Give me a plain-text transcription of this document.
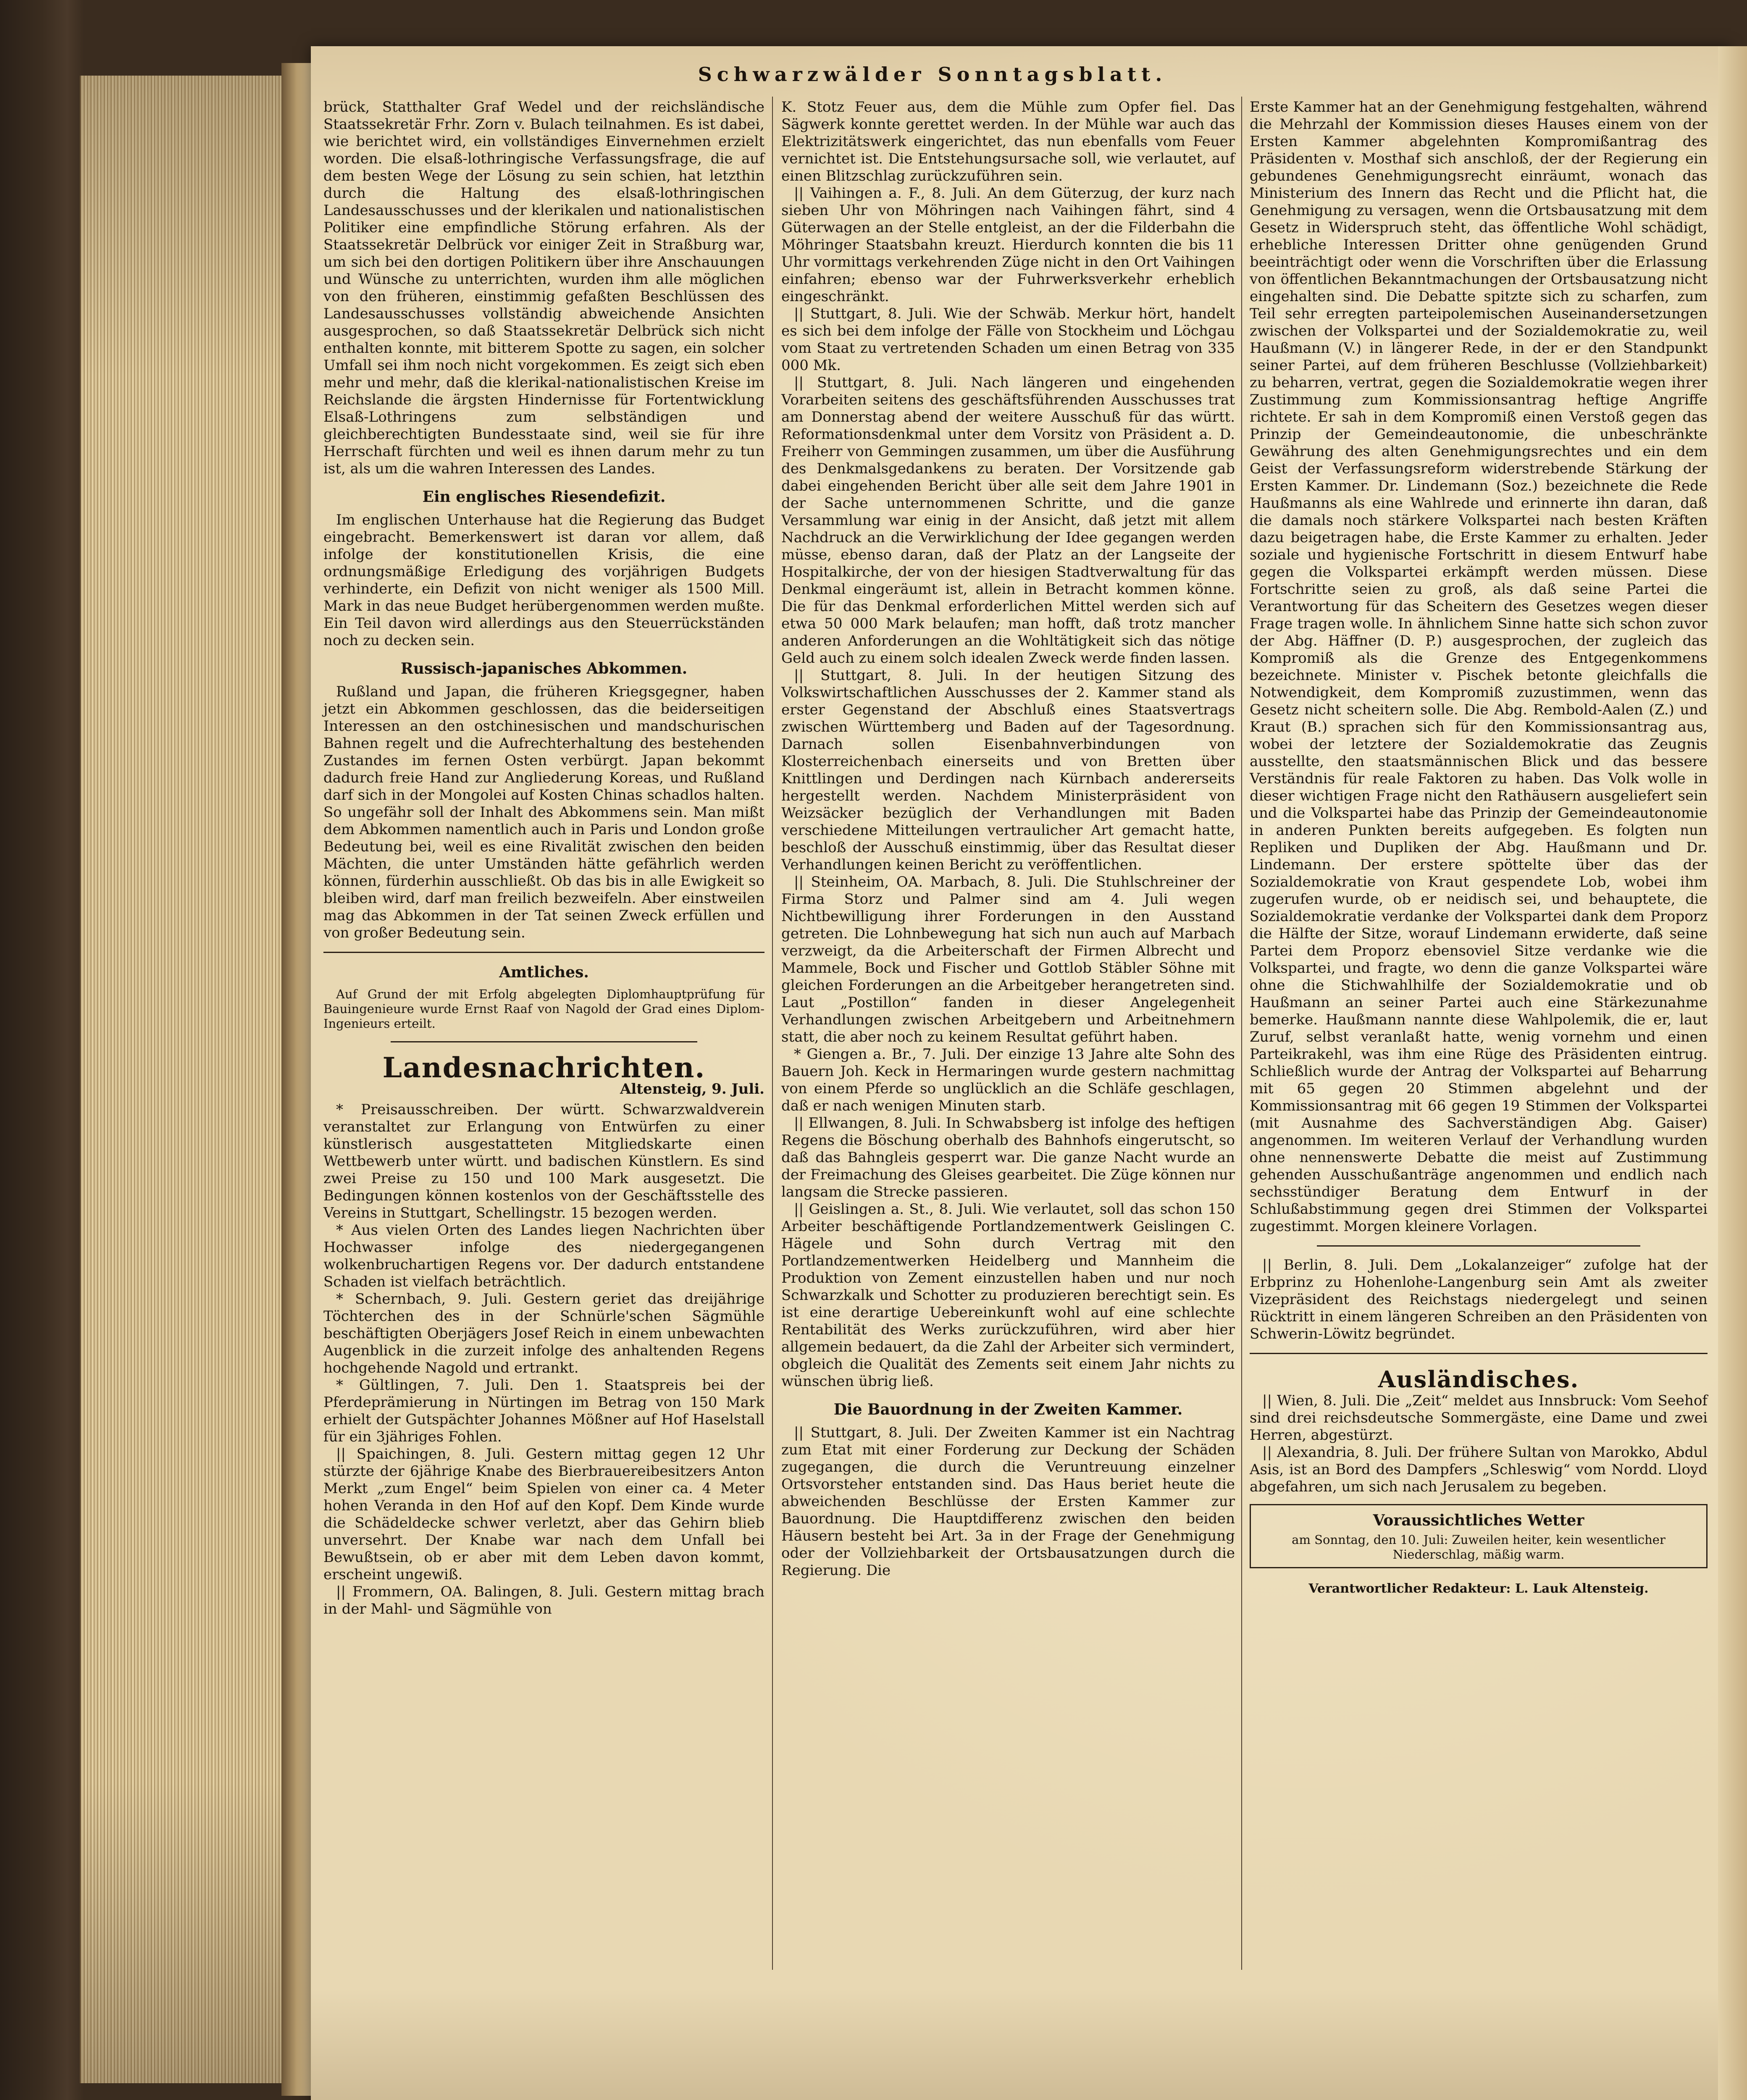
Schwarzwälder Sonntagsblatt.

brück, Statthalter Graf Wedel und der reichsländische Staatssekretär Frhr. Zorn v. Bulach teilnahmen. Es ist dabei, wie berichtet wird, ein vollständiges Einvernehmen erzielt worden. Die elsaß-lothringische Verfassungsfrage, die auf dem besten Wege der Lösung zu sein schien, hat letzthin durch die Haltung des elsaß-lothringischen Landesausschusses und der klerikalen und nationalistischen Politiker eine empfindliche Störung erfahren. Als der Staatssekretär Delbrück vor einiger Zeit in Straßburg war, um sich bei den dortigen Politikern über ihre Anschauungen und Wünsche zu unterrichten, wurden ihm alle möglichen von den früheren, einstimmig gefaßten Beschlüssen des Landesausschusses vollständig abweichende Ansichten ausgesprochen, so daß Staatssekretär Delbrück sich nicht enthalten konnte, mit bitterem Spotte zu sagen, ein solcher Umfall sei ihm noch nicht vorgekommen. Es zeigt sich eben mehr und mehr, daß die klerikal-nationalistischen Kreise im Reichslande die ärgsten Hindernisse für Fortentwicklung Elsaß-Lothringens zum selbständigen und gleichberechtigten Bundesstaate sind, weil sie für ihre Herrschaft fürchten und weil es ihnen darum mehr zu tun ist, als um die wahren Interessen des Landes.

Ein englisches Riesendefizit.

Im englischen Unterhause hat die Regierung das Budget eingebracht. Bemerkenswert ist daran vor allem, daß infolge der konstitutionellen Krisis, die eine ordnungsmäßige Erledigung des vorjährigen Budgets verhinderte, ein Defizit von nicht weniger als 1500 Mill. Mark in das neue Budget herübergenommen werden mußte. Ein Teil davon wird allerdings aus den Steuerrückständen noch zu decken sein.

Russisch-japanisches Abkommen.

Rußland und Japan, die früheren Kriegsgegner, haben jetzt ein Abkommen geschlossen, das die beiderseitigen Interessen an den ostchinesischen und mandschurischen Bahnen regelt und die Aufrechterhaltung des bestehenden Zustandes im fernen Osten verbürgt. Japan bekommt dadurch freie Hand zur Angliederung Koreas, und Rußland darf sich in der Mongolei auf Kosten Chinas schadlos halten. So ungefähr soll der Inhalt des Abkommens sein. Man mißt dem Abkommen namentlich auch in Paris und London große Bedeutung bei, weil es eine Rivalität zwischen den beiden Mächten, die unter Umständen hätte gefährlich werden können, fürderhin ausschließt. Ob das bis in alle Ewigkeit so bleiben wird, darf man freilich bezweifeln. Aber einstweilen mag das Abkommen in der Tat seinen Zweck erfüllen und von großer Bedeutung sein.

Amtliches.

Auf Grund der mit Erfolg abgelegten Diplomhauptprüfung für Bauingenieure wurde Ernst Raaf von Nagold der Grad eines Diplom-Ingenieurs erteilt.

Landesnachrichten.
Altensteig, 9. Juli.

* Preisausschreiben. Der württ. Schwarzwaldverein veranstaltet zur Erlangung von Entwürfen zu einer künstlerisch ausgestatteten Mitgliedskarte einen Wettbewerb unter württ. und badischen Künstlern. Es sind zwei Preise zu 150 und 100 Mark ausgesetzt. Die Bedingungen können kostenlos von der Geschäftsstelle des Vereins in Stuttgart, Schellingstr. 15 bezogen werden.

* Aus vielen Orten des Landes liegen Nachrichten über Hochwasser infolge des niedergegangenen wolkenbruchartigen Regens vor. Der dadurch entstandene Schaden ist vielfach beträchtlich.

* Schernbach, 9. Juli. Gestern geriet das dreijährige Töchterchen des in der Schnürle'schen Sägmühle beschäftigten Oberjägers Josef Reich in einem unbewachten Augenblick in die zurzeit infolge des anhaltenden Regens hochgehende Nagold und ertrankt.

* Gültlingen, 7. Juli. Den 1. Staatspreis bei der Pferdeprämierung in Nürtingen im Betrag von 150 Mark erhielt der Gutspächter Johannes Mößner auf Hof Haselstall für ein 3jähriges Fohlen.

|| Spaichingen, 8. Juli. Gestern mittag gegen 12 Uhr stürzte der 6jährige Knabe des Bierbrauereibesitzers Anton Merkt „zum Engel“ beim Spielen von einer ca. 4 Meter hohen Veranda in den Hof auf den Kopf. Dem Kinde wurde die Schädeldecke schwer verletzt, aber das Gehirn blieb unversehrt. Der Knabe war nach dem Unfall bei Bewußtsein, ob er aber mit dem Leben davon kommt, erscheint ungewiß.

|| Frommern, OA. Balingen, 8. Juli. Gestern mittag brach in der Mahl- und Sägmühle von

K. Stotz Feuer aus, dem die Mühle zum Opfer fiel. Das Sägwerk konnte gerettet werden. In der Mühle war auch das Elektrizitätswerk eingerichtet, das nun ebenfalls vom Feuer vernichtet ist. Die Entstehungsursache soll, wie verlautet, auf einen Blitzschlag zurückzuführen sein.

|| Vaihingen a. F., 8. Juli. An dem Güterzug, der kurz nach sieben Uhr von Möhringen nach Vaihingen fährt, sind 4 Güterwagen an der Stelle entgleist, an der die Filderbahn die Möhringer Staatsbahn kreuzt. Hierdurch konnten die bis 11 Uhr vormittags verkehrenden Züge nicht in den Ort Vaihingen einfahren; ebenso war der Fuhrwerksverkehr erheblich eingeschränkt.

|| Stuttgart, 8. Juli. Wie der Schwäb. Merkur hört, handelt es sich bei dem infolge der Fälle von Stockheim und Löchgau vom Staat zu vertretenden Schaden um einen Betrag von 335 000 Mk.

|| Stuttgart, 8. Juli. Nach längeren und eingehenden Vorarbeiten seitens des geschäftsführenden Ausschusses trat am Donnerstag abend der weitere Ausschuß für das württ. Reformationsdenkmal unter dem Vorsitz von Präsident a. D. Freiherr von Gemmingen zusammen, um über die Ausführung des Denkmalsgedankens zu beraten. Der Vorsitzende gab dabei eingehenden Bericht über alle seit dem Jahre 1901 in der Sache unternommenen Schritte, und die ganze Versammlung war einig in der Ansicht, daß jetzt mit allem Nachdruck an die Verwirklichung der Idee gegangen werden müsse, ebenso daran, daß der Platz an der Langseite der Hospitalkirche, der von der hiesigen Stadtverwaltung für das Denkmal eingeräumt ist, allein in Betracht kommen könne. Die für das Denkmal erforderlichen Mittel werden sich auf etwa 50 000 Mark belaufen; man hofft, daß trotz mancher anderen Anforderungen an die Wohltätigkeit sich das nötige Geld auch zu einem solch idealen Zweck werde finden lassen.

|| Stuttgart, 8. Juli. In der heutigen Sitzung des Volkswirtschaftlichen Ausschusses der 2. Kammer stand als erster Gegenstand der Abschluß eines Staatsvertrags zwischen Württemberg und Baden auf der Tagesordnung. Darnach sollen Eisenbahnverbindungen von Klosterreichenbach einerseits und von Bretten über Knittlingen und Derdingen nach Kürnbach andererseits hergestellt werden. Nachdem Ministerpräsident von Weizsäcker bezüglich der Verhandlungen mit Baden verschiedene Mitteilungen vertraulicher Art gemacht hatte, beschloß der Ausschuß einstimmig, über das Resultat dieser Verhandlungen keinen Bericht zu veröffentlichen.

|| Steinheim, OA. Marbach, 8. Juli. Die Stuhlschreiner der Firma Storz und Palmer sind am 4. Juli wegen Nichtbewilligung ihrer Forderungen in den Ausstand getreten. Die Lohnbewegung hat sich nun auch auf Marbach verzweigt, da die Arbeiterschaft der Firmen Albrecht und Mammele, Bock und Fischer und Gottlob Stäbler Söhne mit gleichen Forderungen an die Arbeitgeber herangetreten sind. Laut „Postillon“ fanden in dieser Angelegenheit Verhandlungen zwischen Arbeitgebern und Arbeitnehmern statt, die aber noch zu keinem Resultat geführt haben.

* Giengen a. Br., 7. Juli. Der einzige 13 Jahre alte Sohn des Bauern Joh. Keck in Hermaringen wurde gestern nachmittag von einem Pferde so unglücklich an die Schläfe geschlagen, daß er nach wenigen Minuten starb.

|| Ellwangen, 8. Juli. In Schwabsberg ist infolge des heftigen Regens die Böschung oberhalb des Bahnhofs eingerutscht, so daß das Bahngleis gesperrt war. Die ganze Nacht wurde an der Freimachung des Gleises gearbeitet. Die Züge können nur langsam die Strecke passieren.

|| Geislingen a. St., 8. Juli. Wie verlautet, soll das schon 150 Arbeiter beschäftigende Portlandzementwerk Geislingen C. Hägele und Sohn durch Vertrag mit den Portlandzementwerken Heidelberg und Mannheim die Produktion von Zement einzustellen haben und nur noch Schwarzkalk und Schotter zu produzieren berechtigt sein. Es ist eine derartige Uebereinkunft wohl auf eine schlechte Rentabilität des Werks zurückzuführen, wird aber hier allgemein bedauert, da die Zahl der Arbeiter sich vermindert, obgleich die Qualität des Zements seit einem Jahr nichts zu wünschen übrig ließ.

Die Bauordnung in der Zweiten Kammer.

|| Stuttgart, 8. Juli. Der Zweiten Kammer ist ein Nachtrag zum Etat mit einer Forderung zur Deckung der Schäden zugegangen, die durch die Veruntreuung einzelner Ortsvorsteher entstanden sind. Das Haus beriet heute die abweichenden Beschlüsse der Ersten Kammer zur Bauordnung. Die Hauptdifferenz zwischen den beiden Häusern besteht bei Art. 3a in der Frage der Genehmigung oder der Vollziehbarkeit der Ortsbausatzungen durch die Regierung. Die

Erste Kammer hat an der Genehmigung festgehalten, während die Mehrzahl der Kommission dieses Hauses einem von der Ersten Kammer abgelehnten Kompromißantrag des Präsidenten v. Mosthaf sich anschloß, der der Regierung ein gebundenes Genehmigungsrecht einräumt, wonach das Ministerium des Innern das Recht und die Pflicht hat, die Genehmigung zu versagen, wenn die Ortsbausatzung mit dem Gesetz in Widerspruch steht, das öffentliche Wohl schädigt, erhebliche Interessen Dritter ohne genügenden Grund beeinträchtigt oder wenn die Vorschriften über die Erlassung von öffentlichen Bekanntmachungen der Ortsbausatzung nicht eingehalten sind. Die Debatte spitzte sich zu scharfen, zum Teil sehr erregten parteipolemischen Auseinandersetzungen zwischen der Volkspartei und der Sozialdemokratie zu, weil Haußmann (V.) in längerer Rede, in der er den Standpunkt seiner Partei, auf dem früheren Beschlusse (Vollziehbarkeit) zu beharren, vertrat, gegen die Sozialdemokratie wegen ihrer Zustimmung zum Kommissionsantrag heftige Angriffe richtete. Er sah in dem Kompromiß einen Verstoß gegen das Prinzip der Gemeindeautonomie, die unbeschränkte Gewährung des alten Genehmigungsrechtes und ein dem Geist der Verfassungsreform widerstrebende Stärkung der Ersten Kammer. Dr. Lindemann (Soz.) bezeichnete die Rede Haußmanns als eine Wahlrede und erinnerte ihn daran, daß die damals noch stärkere Volkspartei nach besten Kräften dazu beigetragen habe, die Erste Kammer zu erhalten. Jeder soziale und hygienische Fortschritt in diesem Entwurf habe gegen die Volkspartei erkämpft werden müssen. Diese Fortschritte seien zu groß, als daß seine Partei die Verantwortung für das Scheitern des Gesetzes wegen dieser Frage tragen wolle. In ähnlichem Sinne hatte sich schon zuvor der Abg. Häffner (D. P.) ausgesprochen, der zugleich das Kompromiß als die Grenze des Entgegenkommens bezeichnete. Minister v. Pischek betonte gleichfalls die Notwendigkeit, dem Kompromiß zuzustimmen, wenn das Gesetz nicht scheitern solle. Die Abg. Rembold-Aalen (Z.) und Kraut (B.) sprachen sich für den Kommissionsantrag aus, wobei der letztere der Sozialdemokratie das Zeugnis ausstellte, den staatsmännischen Blick und das bessere Verständnis für reale Faktoren zu haben. Das Volk wolle in dieser wichtigen Frage nicht den Rathäusern ausgeliefert sein und die Volkspartei habe das Prinzip der Gemeindeautonomie in anderen Punkten bereits aufgegeben. Es folgten nun Repliken und Dupliken der Abg. Haußmann und Dr. Lindemann. Der erstere spöttelte über das der Sozialdemokratie von Kraut gespendete Lob, wobei ihm zugerufen wurde, ob er neidisch sei, und behauptete, die Sozialdemokratie verdanke der Volkspartei dank dem Proporz die Hälfte der Sitze, worauf Lindemann erwiderte, daß seine Partei dem Proporz ebensoviel Sitze verdanke wie die Volkspartei, und fragte, wo denn die ganze Volkspartei wäre ohne die Stichwahlhilfe der Sozialdemokratie und ob Haußmann an seiner Partei auch eine Stärkezunahme bemerke. Haußmann nannte diese Wahlpolemik, die er, laut Zuruf, selbst veranlaßt hatte, wenig vornehm und einen Parteikrakehl, was ihm eine Rüge des Präsidenten eintrug. Schließlich wurde der Antrag der Volkspartei auf Beharrung mit 65 gegen 20 Stimmen abgelehnt und der Kommissionsantrag mit 66 gegen 19 Stimmen der Volkspartei (mit Ausnahme des Sachverständigen Abg. Gaiser) angenommen. Im weiteren Verlauf der Verhandlung wurden ohne nennenswerte Debatte die meist auf Zustimmung gehenden Ausschußanträge angenommen und endlich nach sechsstündiger Beratung dem Entwurf in der Schlußabstimmung gegen drei Stimmen der Volkspartei zugestimmt. Morgen kleinere Vorlagen.

|| Berlin, 8. Juli. Dem „Lokalanzeiger“ zufolge hat der Erbprinz zu Hohenlohe-Langenburg sein Amt als zweiter Vizepräsident des Reichstags niedergelegt und seinen Rücktritt in einem längeren Schreiben an den Präsidenten von Schwerin-Löwitz begründet.

Ausländisches.

|| Wien, 8. Juli. Die „Zeit“ meldet aus Innsbruck: Vom Seehof sind drei reichsdeutsche Sommergäste, eine Dame und zwei Herren, abgestürzt.

|| Alexandria, 8. Juli. Der frühere Sultan von Marokko, Abdul Asis, ist an Bord des Dampfers „Schleswig“ vom Nordd. Lloyd abgefahren, um sich nach Jerusalem zu begeben.

Voraussichtliches Wetter

am Sonntag, den 10. Juli: Zuweilen heiter, kein wesentlicher Niederschlag, mäßig warm.

Verantwortlicher Redakteur: L. Lauk Altensteig.
